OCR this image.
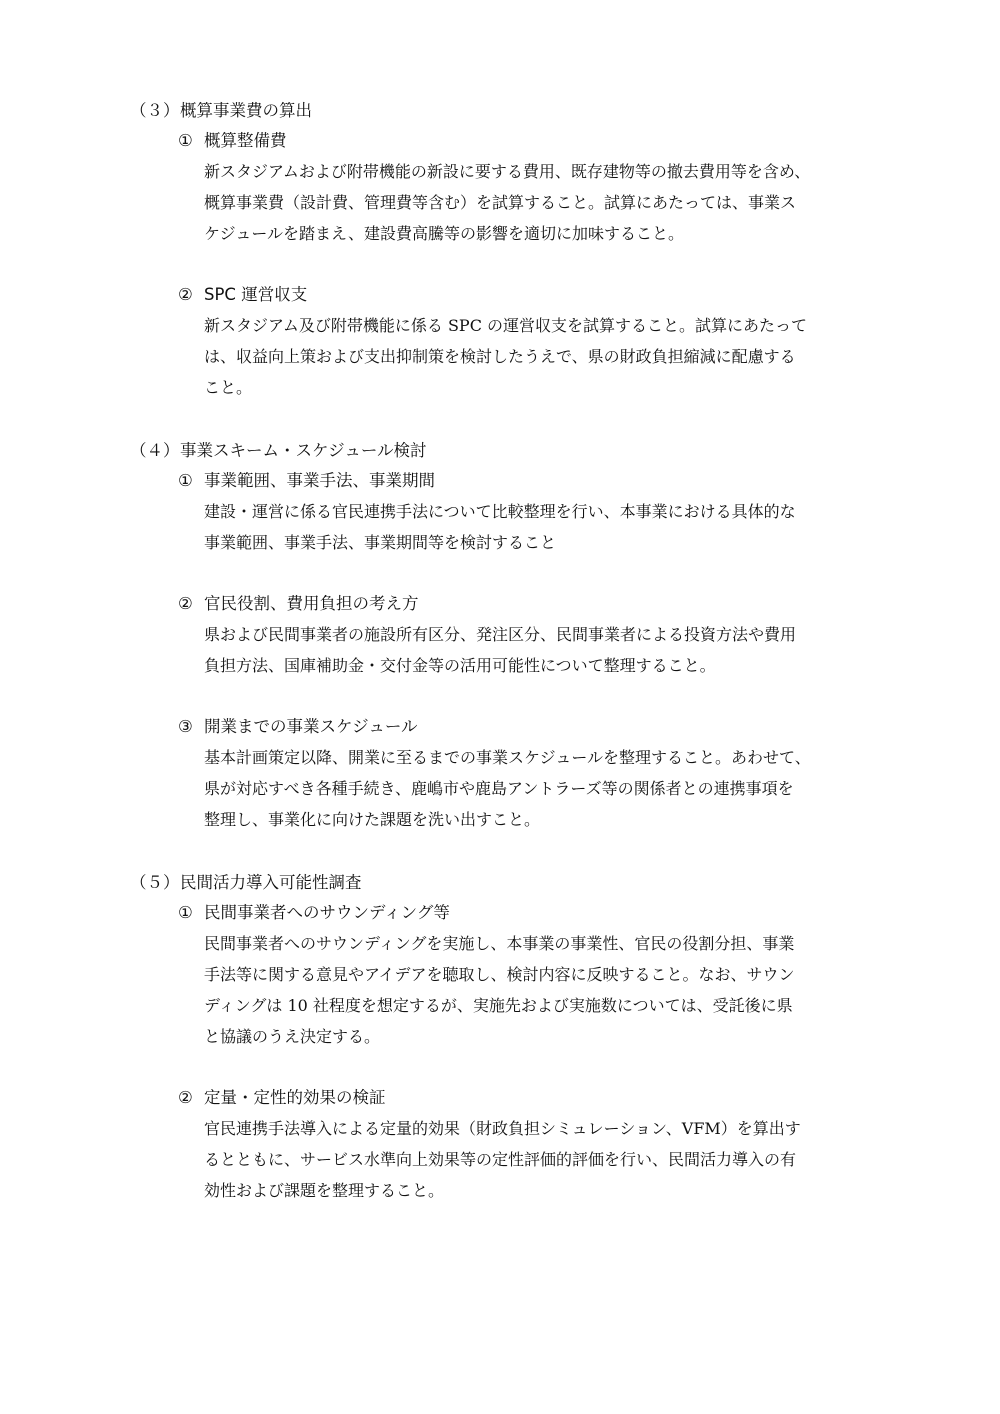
（３）概算事業費の算出
① 概算整備費
新スタジアムおよび附帯機能の新設に要する費用、既存建物等の撤去費用等を含め、
概算事業費（設計費、管理費等含む）を試算すること。試算にあたっては、事業ス
ケジュールを踏まえ、建設費高騰等の影響を適切に加味すること。
② SPC 運営収支
新スタジアム及び附帯機能に係る SPC の運営収支を試算すること。試算にあたって
は、収益向上策および支出抑制策を検討したうえで、県の財政負担縮減に配慮する
こと。
（４）事業スキーム・スケジュール検討
① 事業範囲、事業手法、事業期間
建設・運営に係る官民連携手法について比較整理を行い、本事業における具体的な
事業範囲、事業手法、事業期間等を検討すること
② 官民役割、費用負担の考え方
県および民間事業者の施設所有区分、発注区分、民間事業者による投資方法や費用
負担方法、国庫補助金・交付金等の活用可能性について整理すること。
③ 開業までの事業スケジュール
基本計画策定以降、開業に至るまでの事業スケジュールを整理すること。あわせて、
県が対応すべき各種手続き、鹿嶋市や鹿島アントラーズ等の関係者との連携事項を
整理し、事業化に向けた課題を洗い出すこと。
（５）民間活力導入可能性調査
① 民間事業者へのサウンディング等
民間事業者へのサウンディングを実施し、本事業の事業性、官民の役割分担、事業
手法等に関する意見やアイデアを聴取し、検討内容に反映すること。なお、サウン
ディングは 10 社程度を想定するが、実施先および実施数については、受託後に県
と協議のうえ決定する。
② 定量・定性的効果の検証
官民連携手法導入による定量的効果（財政負担シミュレーション、VFM）を算出す
るとともに、サービス水準向上効果等の定性評価的評価を行い、民間活力導入の有
効性および課題を整理すること。
